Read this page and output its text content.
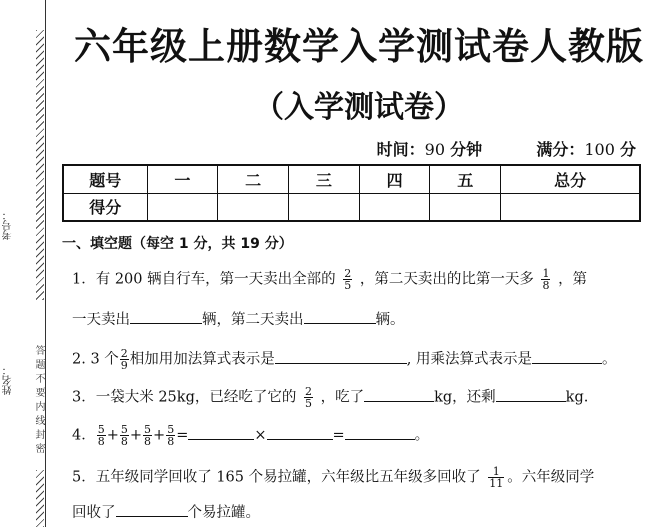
考号：
姓名：	答题不要内线封密
六年级上册数学入学测试卷人教版
（入学测试卷）
时间：90 分钟	满分：100 分
题号	一	二	三	四	五	总分
得分						
一、填空题（每空 1 分，共 19 分）
1．有 200 辆自行车，第一天卖出全部的 $\frac{2}{5}$ ，第二天卖出的比第一天多 $\frac{1}{8}$ ，第
一天卖出	辆，第二天卖出	辆。
2. 3 个 $\frac{2}{9}$ 相加用加法算式表示是	, 用乘法算式表示是	。
3．一袋大米 25kg，已经吃了它的 $\frac{2}{5}$ ，吃了	kg，还剩	kg.
4． $\frac{5}{8} + \frac{5}{8} + \frac{5}{8} + \frac{5}{8}$ =	×	=	。
5．五年级同学回收了 165 个易拉罐，六年级比五年级多回收了 $\frac{1}{11}$ 。六年级同学
回收了	个易拉罐。
